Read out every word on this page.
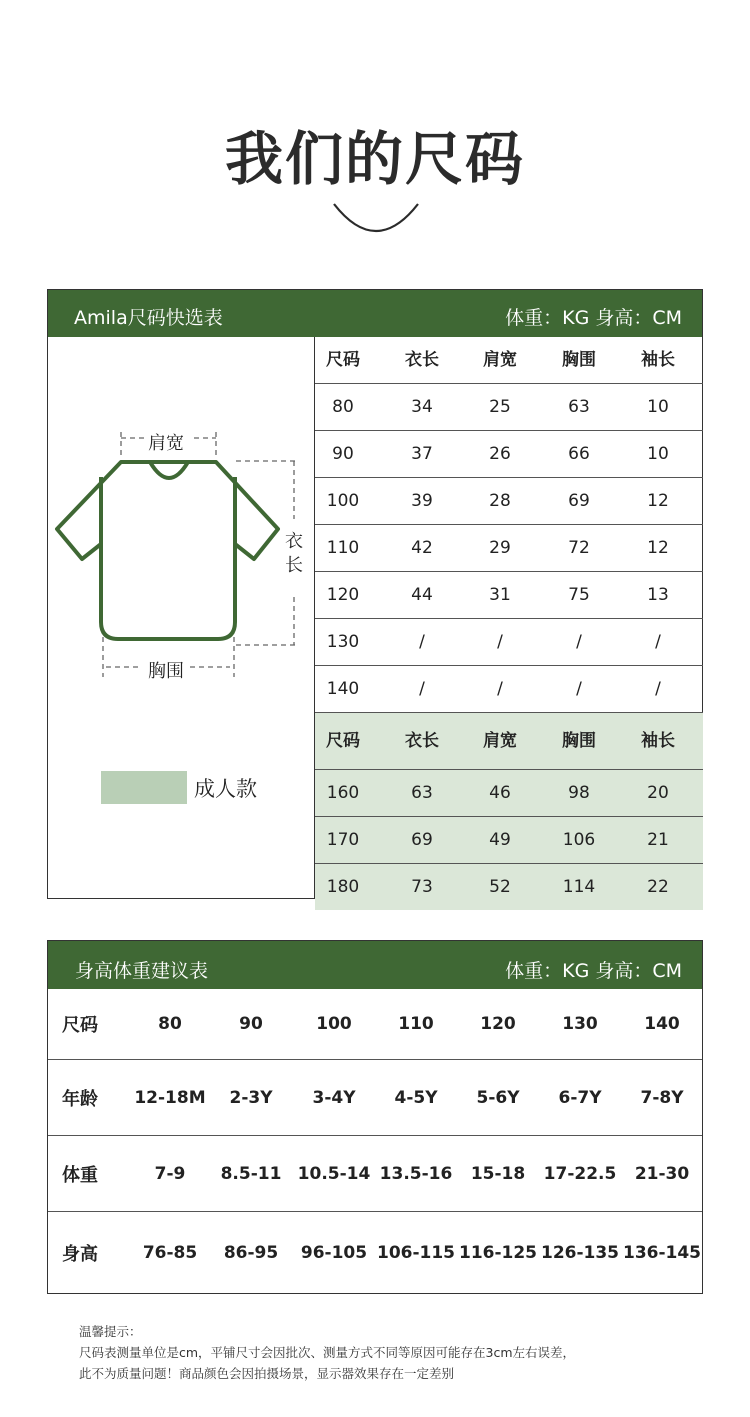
我们的尺码
Amila尺码快选表	体重：KG 身高：CM
肩宽
衣
长
胸围
成人款
尺码	衣长	肩宽	胸围	袖长
80	34	25	63	10
90	37	26	66	10
100	39	28	69	12
110	42	29	72	12
120	44	31	75	13
130	/	/	/	/
140	/	/	/	/
尺码	衣长	肩宽	胸围	袖长
160	63	46	98	20
170	69	49	106	21
180	73	52	114	22
身高体重建议表	体重：KG 身高：CM
尺码	80	90	100	110	120	130	140
年龄	12-18M	2-3Y	3-4Y	4-5Y	5-6Y	6-7Y	7-8Y
体重	7-9	8.5-11 10.5-14 13.5-16	15-18	17-22.5	21-30
身高	76-85	86-95	96-105 106-115 116-125 126-135 136-145
温馨提示：
尺码表测量单位是cm，平铺尺寸会因批次、测量方式不同等原因可能存在3cm左右误差，
此不为质量问题！商品颜色会因拍摄场景，显示器效果存在一定差别
